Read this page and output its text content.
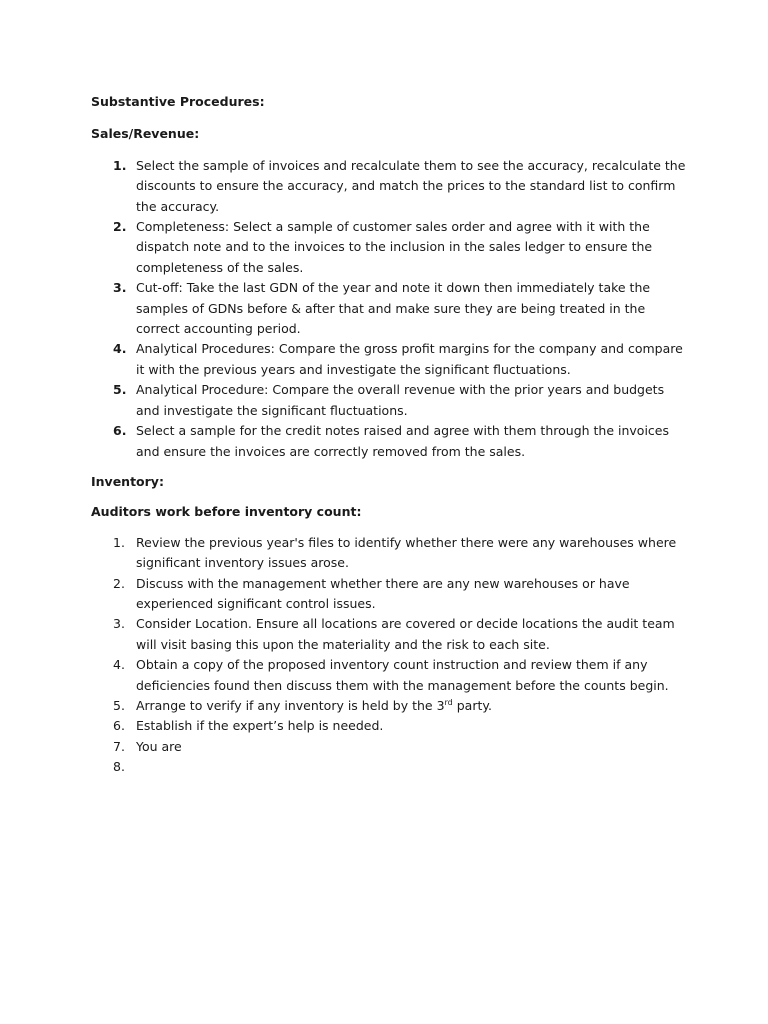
Substantive Procedures:

Sales/Revenue:

1. Select the sample of invoices and recalculate them to see the accuracy, recalculate the discounts to ensure the accuracy, and match the prices to the standard list to confirm the accuracy.
2. Completeness: Select a sample of customer sales order and agree with it with the dispatch note and to the invoices to the inclusion in the sales ledger to ensure the completeness of the sales.
3. Cut-off: Take the last GDN of the year and note it down then immediately take the samples of GDNs before & after that and make sure they are being treated in the correct accounting period.
4. Analytical Procedures: Compare the gross profit margins for the company and compare it with the previous years and investigate the significant fluctuations.
5. Analytical Procedure: Compare the overall revenue with the prior years and budgets and investigate the significant fluctuations.
6. Select a sample for the credit notes raised and agree with them through the invoices and ensure the invoices are correctly removed from the sales.

Inventory:

Auditors work before inventory count:

1. Review the previous year's files to identify whether there were any warehouses where significant inventory issues arose.
2. Discuss with the management whether there are any new warehouses or have experienced significant control issues.
3. Consider Location. Ensure all locations are covered or decide locations the audit team will visit basing this upon the materiality and the risk to each site.
4. Obtain a copy of the proposed inventory count instruction and review them if any deficiencies found then discuss them with the management before the counts begin.
5. Arrange to verify if any inventory is held by the 3rd party.
6. Establish if the expert’s help is needed.
7. You are
8.
